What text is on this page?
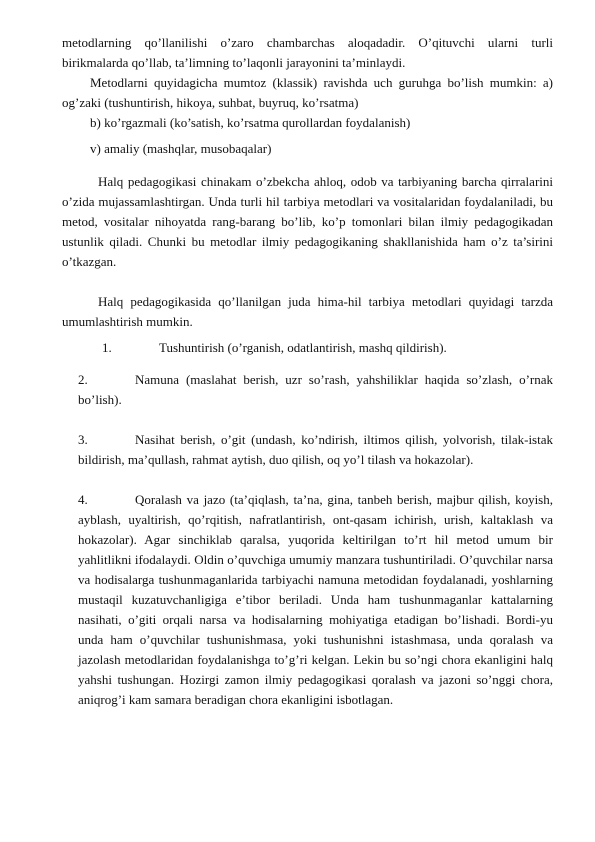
metodlarning qo’llanilishi o’zaro chambarchas aloqadadir. O’qituvchi ularni turli birikmalarda qo’llab, ta’limning to’laqonli jarayonini ta’minlaydi.

Metodlarni quyidagicha mumtoz (klassik) ravishda uch guruhga bo’lish mumkin: a) og’zaki (tushuntirish, hikoya, suhbat, buyruq, ko’rsatma)

b) ko’rgazmali (ko’satish, ko’rsatma qurollardan foydalanish)

v) amaliy (mashqlar, musobaqalar)

Halq pedagogikasi chinakam o’zbekcha ahloq, odob va tarbiyaning barcha qirralarini o’zida mujassamlashtirgan. Unda turli hil tarbiya metodlari va vositalaridan foydalaniladi, bu metod, vositalar nihoyatda rang-barang bo’lib, ko’p tomonlari bilan ilmiy pedagogikadan ustunlik qiladi. Chunki bu metodlar ilmiy pedagogikaning shakllanishida ham o’z ta’sirini o’tkazgan.

Halq pedagogikasida qo’llanilgan juda hima-hil tarbiya metodlari quyidagi tarzda umumlashtirish mumkin.

1.	Tushuntirish (o’rganish, odatlantirish, mashq qildirish).

2.	Namuna (maslahat berish, uzr so’rash, yahshiliklar haqida so’zlash, o’rnak bo’lish).

3.	Nasihat berish, o’git (undash, ko’ndirish, iltimos qilish, yolvorish, tilak-istak bildirish, ma’qullash, rahmat aytish, duo qilish, oq yo’l tilash va hokazolar).

4.	Qoralash va jazo (ta’qiqlash, ta’na, gina, tanbeh berish, majbur qilish, koyish, ayblash, uyaltirish, qo’rqitish, nafratlantirish, ont-qasam ichirish, urish, kaltaklash va hokazolar). Agar sinchiklab qaralsa, yuqorida keltirilgan to’rt hil metod umum bir yahlitlikni ifodalaydi. Oldin o’quvchiga umumiy manzara tushuntiriladi. O’quvchilar narsa va hodisalarga tushunmaganlarida tarbiyachi namuna metodidan foydalanadi, yoshlarning mustaqil kuzatuvchanligiga e’tibor beriladi. Unda ham tushunmaganlar kattalarning nasihati, o’giti orqali narsa va hodisalarning mohiyatiga etadigan bo’lishadi. Bordi-yu unda ham o’quvchilar tushunishmasa, yoki tushunishni istashmasa, unda qoralash va jazolash metodlaridan foydalanishga to’g’ri kelgan. Lekin bu so’ngi chora ekanligini halq yahshi tushungan. Hozirgi zamon ilmiy pedagogikasi qoralash va jazoni so’nggi chora, aniqrog’i kam samara beradigan chora ekanligini isbotlagan.
